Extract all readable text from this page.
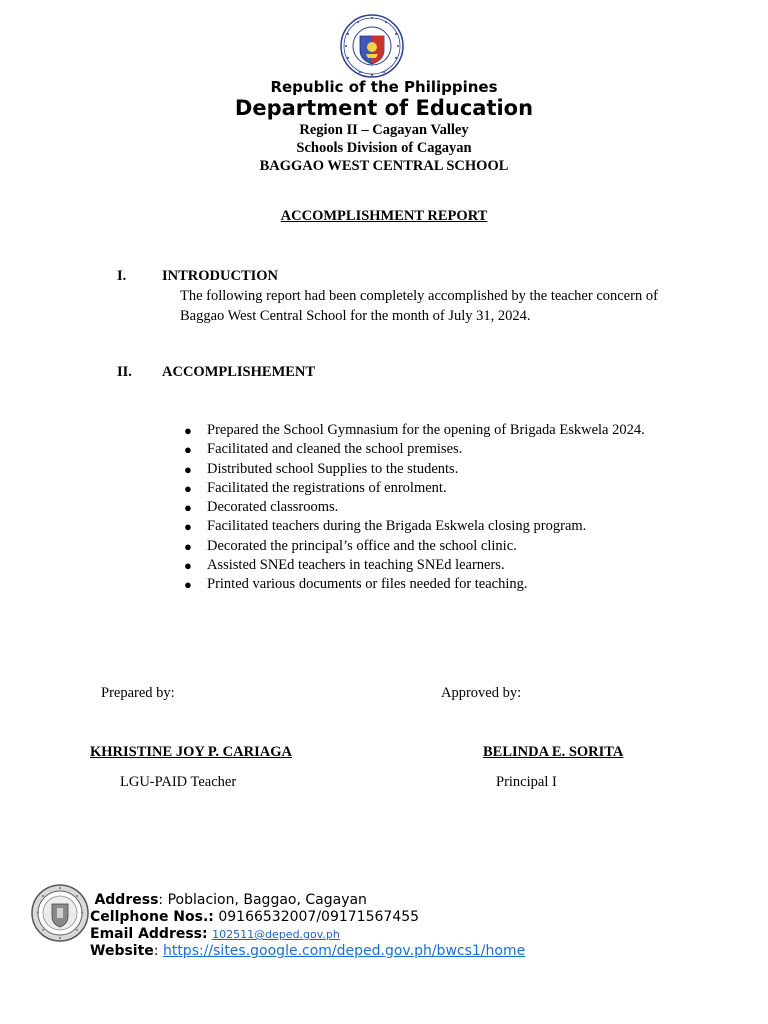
Republic of the Philippines
Department of Education
Region II – Cagayan Valley
Schools Division of Cagayan
BAGGAO WEST CENTRAL SCHOOL
ACCOMPLISHMENT REPORT
I. INTRODUCTION
The following report had been completely accomplished by the teacher concern of Baggao West Central School for the month of July 31, 2024.
II. ACCOMPLISHEMENT
● Prepared the School Gymnasium for the opening of Brigada Eskwela 2024.
● Facilitated and cleaned the school premises.
● Distributed school Supplies to the students.
● Facilitated the registrations of enrolment.
● Decorated classrooms.
● Facilitated teachers during the Brigada Eskwela closing program.
● Decorated the principal’s office and the school clinic.
● Assisted SNEd teachers in teaching SNEd learners.
● Printed various documents or files needed for teaching.
Prepared by:	Approved by:
KHRISTINE JOY P. CARIAGA	BELINDA E. SORITA
LGU-PAID Teacher	Principal I
Address: Poblacion, Baggao, Cagayan
Cellphone Nos.: 09166532007/09171567455
Email Address: 102511@deped.gov.ph
Website: https://sites.google.com/deped.gov.ph/bwcs1/home
